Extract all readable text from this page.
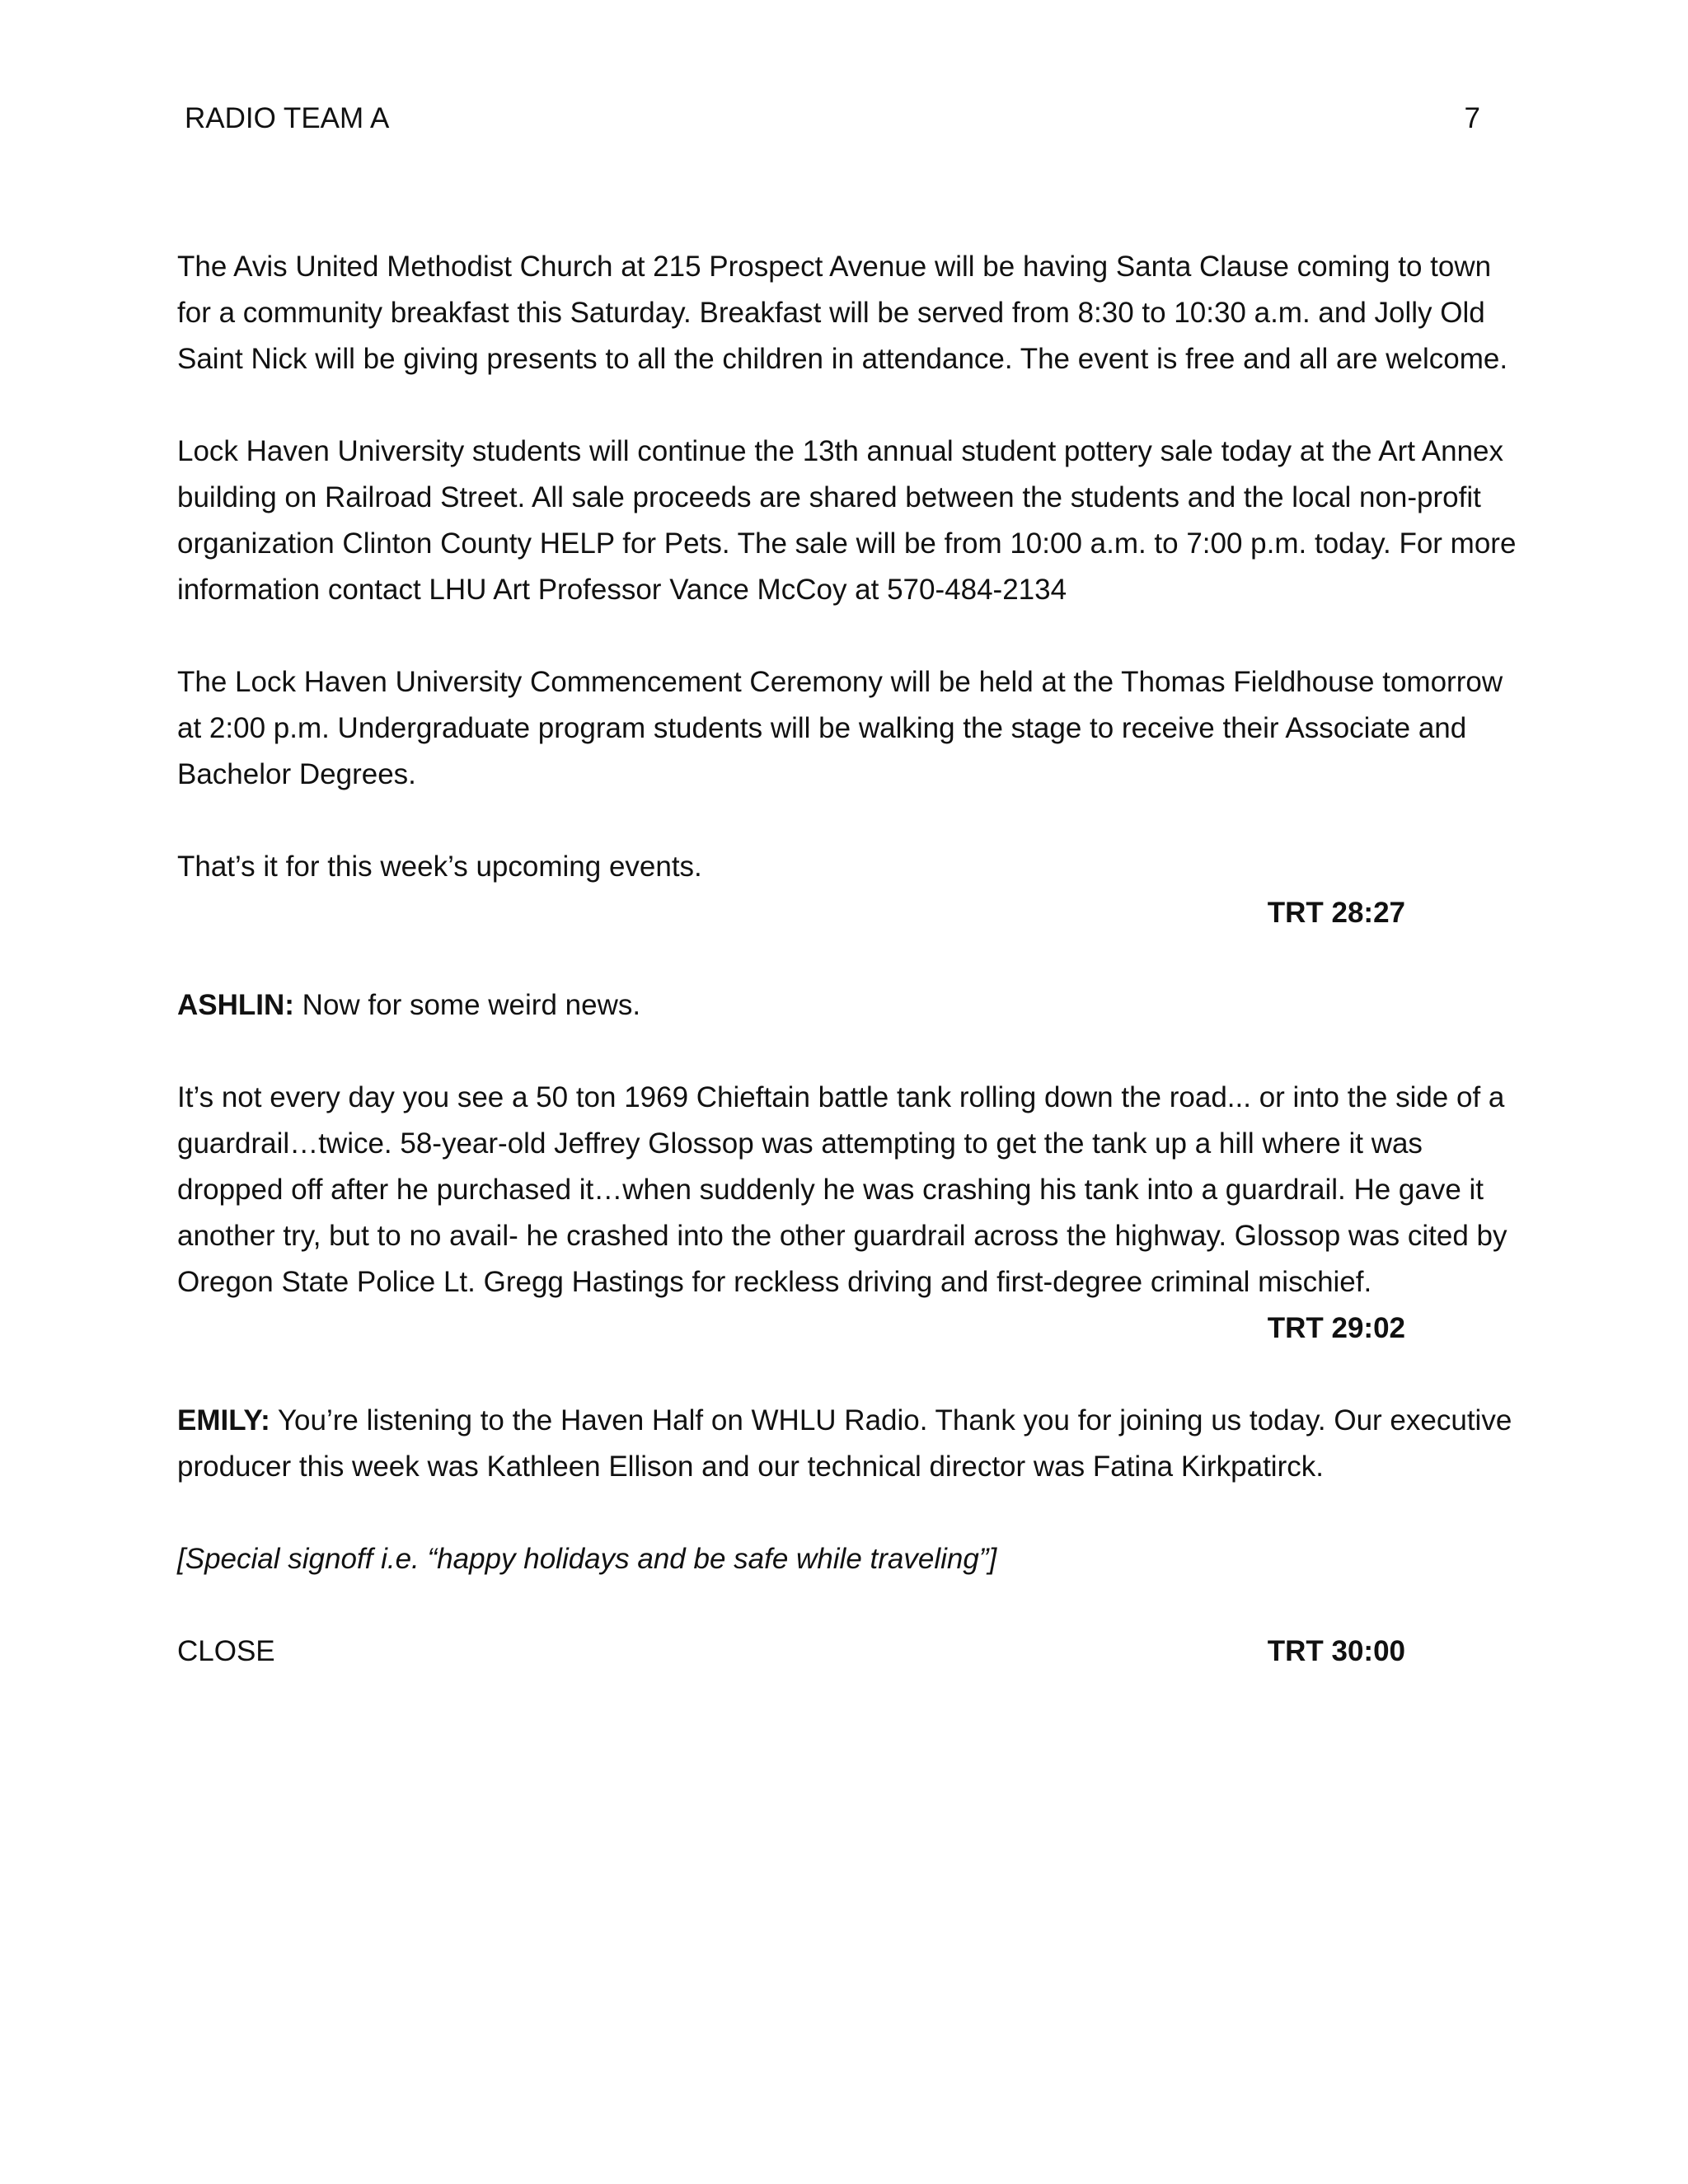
RADIO TEAM A	7

The Avis United Methodist Church at 215 Prospect Avenue will be having Santa Clause coming to town for a community breakfast this Saturday. Breakfast will be served from 8:30 to 10:30 a.m. and Jolly Old Saint Nick will be giving presents to all the children in attendance. The event is free and all are welcome.

Lock Haven University students will continue the 13th annual student pottery sale today at the Art Annex building on Railroad Street. All sale proceeds are shared between the students and the local non-profit organization Clinton County HELP for Pets. The sale will be from 10:00 a.m. to 7:00 p.m. today. For more information contact LHU Art Professor Vance McCoy at 570-484-2134

The Lock Haven University Commencement Ceremony will be held at the Thomas Fieldhouse tomorrow at 2:00 p.m. Undergraduate program students will be walking the stage to receive their Associate and Bachelor Degrees.

That’s it for this week’s upcoming events.

TRT 28:27

ASHLIN: Now for some weird news.

It’s not every day you see a 50 ton 1969 Chieftain battle tank rolling down the road... or into the side of a guardrail…twice. 58-year-old Jeffrey Glossop was attempting to get the tank up a hill where it was dropped off after he purchased it…when suddenly he was crashing his tank into a guardrail. He gave it another try, but to no avail- he crashed into the other guardrail across the highway. Glossop was cited by Oregon State Police Lt. Gregg Hastings for reckless driving and first-degree criminal mischief.

TRT 29:02

EMILY: You’re listening to the Haven Half on WHLU Radio. Thank you for joining us today. Our executive producer this week was Kathleen Ellison and our technical director was Fatina Kirkpatirck.

[Special signoff i.e. “happy holidays and be safe while traveling”]

CLOSE	TRT 30:00
